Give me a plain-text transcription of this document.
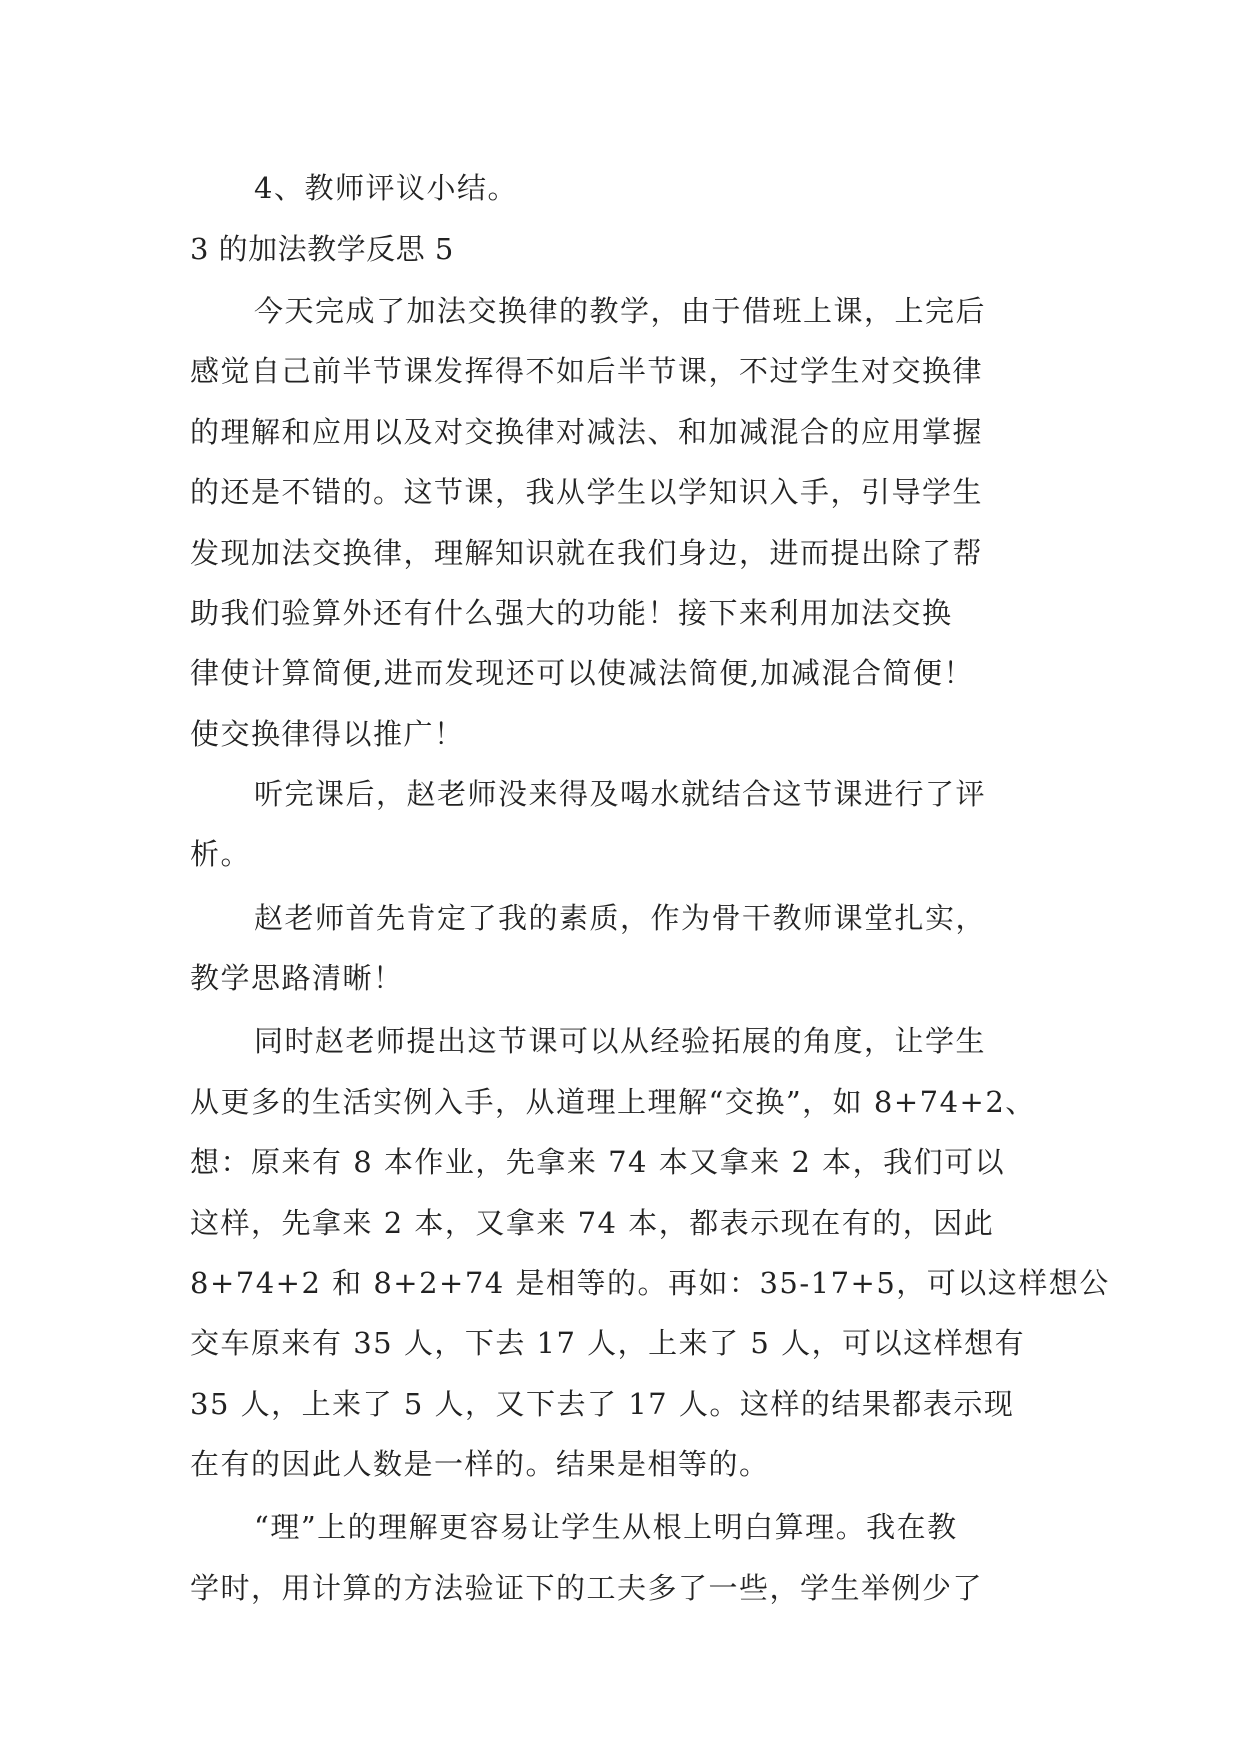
4、教师评议小结。
3 的加法教学反思 5
今天完成了加法交换律的教学，由于借班上课，上完后
感觉自己前半节课发挥得不如后半节课，不过学生对交换律
的理解和应用以及对交换律对减法、和加减混合的应用掌握
的还是不错的。这节课，我从学生以学知识入手，引导学生
发现加法交换律，理解知识就在我们身边，进而提出除了帮
助我们验算外还有什么强大的功能！接下来利用加法交换
律使计算简便,进而发现还可以使减法简便,加减混合简便！
使交换律得以推广！
听完课后，赵老师没来得及喝水就结合这节课进行了评
析。
赵老师首先肯定了我的素质，作为骨干教师课堂扎实，
教学思路清晰！
同时赵老师提出这节课可以从经验拓展的角度，让学生
从更多的生活实例入手，从道理上理解“交换”，如 8+74+2、
想：原来有 8 本作业，先拿来 74 本又拿来 2 本，我们可以
这样，先拿来 2 本，又拿来 74 本，都表示现在有的，因此
8+74+2 和 8+2+74 是相等的。再如：35-17+5，可以这样想公
交车原来有 35 人，下去 17 人，上来了 5 人，可以这样想有
35 人，上来了 5 人，又下去了 17 人。这样的结果都表示现
在有的因此人数是一样的。结果是相等的。
“理”上的理解更容易让学生从根上明白算理。我在教
学时，用计算的方法验证下的工夫多了一些，学生举例少了
